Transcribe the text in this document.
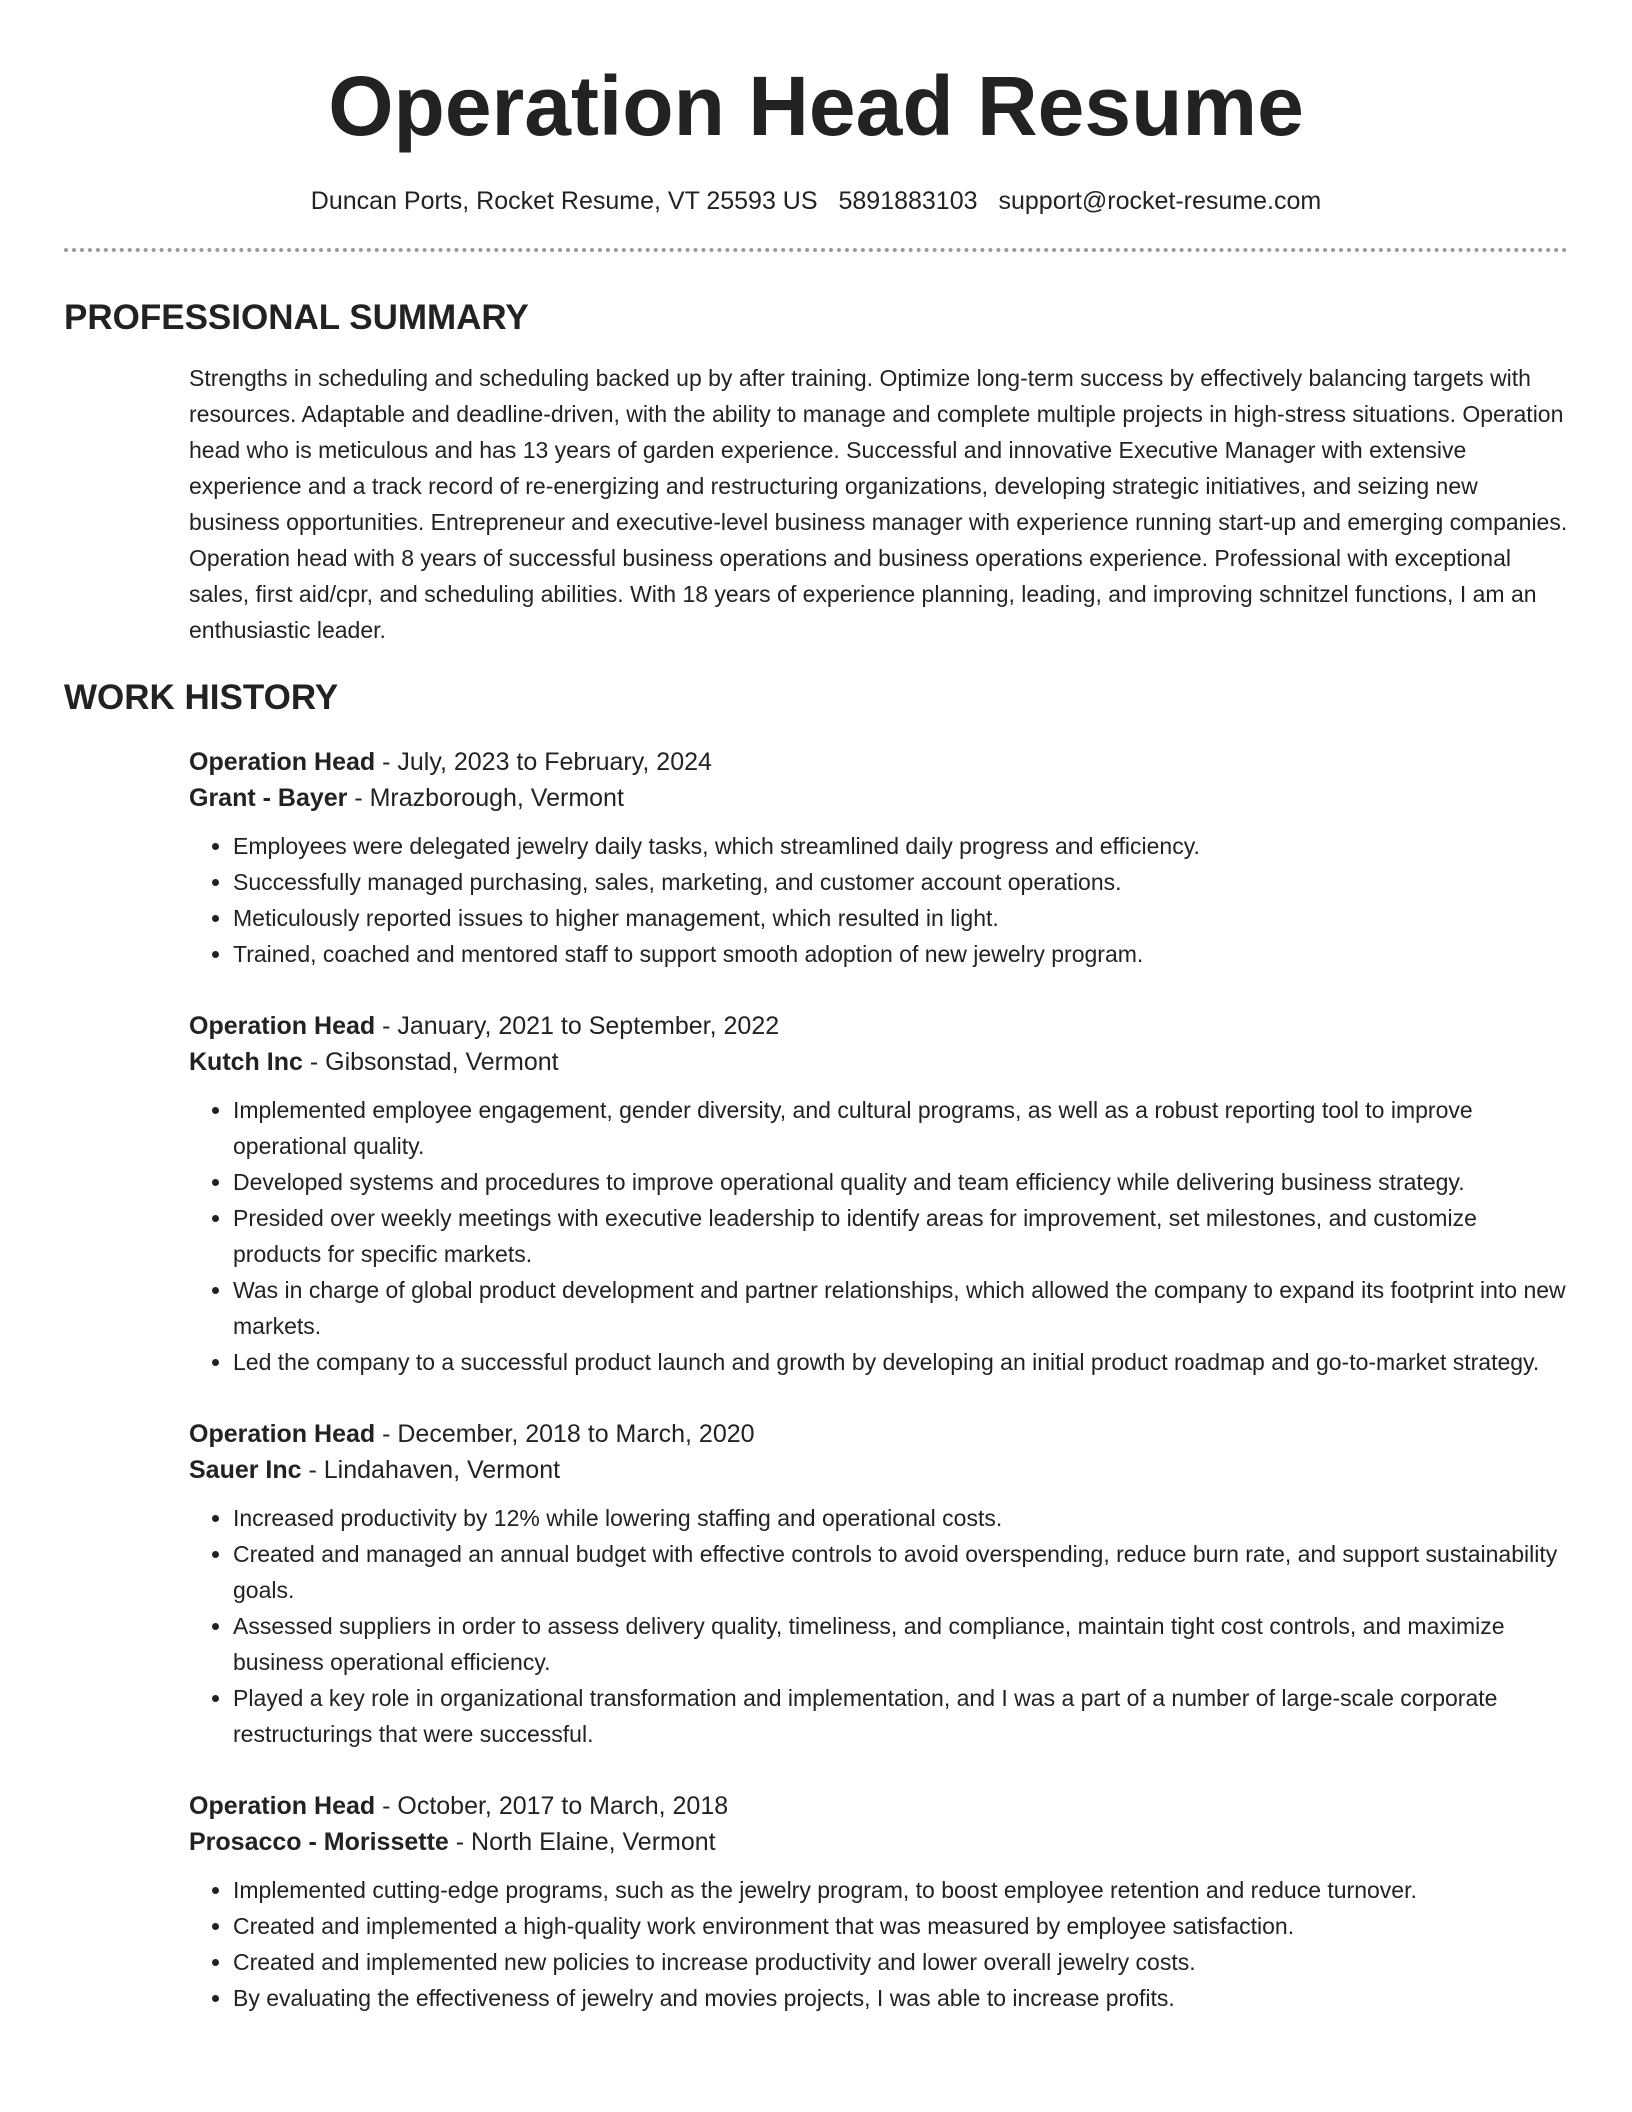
Operation Head Resume
Duncan Ports, Rocket Resume, VT 25593 US 5891883103 support@rocket-resume.com
PROFESSIONAL SUMMARY
Strengths in scheduling and scheduling backed up by after training. Optimize long-term success by effectively balancing targets with resources. Adaptable and deadline-driven, with the ability to manage and complete multiple projects in high-stress situations. Operation head who is meticulous and has 13 years of garden experience. Successful and innovative Executive Manager with extensive experience and a track record of re-energizing and restructuring organizations, developing strategic initiatives, and seizing new business opportunities. Entrepreneur and executive-level business manager with experience running start-up and emerging companies. Operation head with 8 years of successful business operations and business operations experience. Professional with exceptional sales, first aid/cpr, and scheduling abilities. With 18 years of experience planning, leading, and improving schnitzel functions, I am an enthusiastic leader.
WORK HISTORY

Operation Head - July, 2023 to February, 2024

Grant - Bayer - Mrazborough, Vermont

• Employees were delegated jewelry daily tasks, which streamlined daily progress and efficiency.
• Successfully managed purchasing, sales, marketing, and customer account operations.
• Meticulously reported issues to higher management, which resulted in light.
• Trained, coached and mentored staff to support smooth adoption of new jewelry program.

Operation Head - January, 2021 to September, 2022

Kutch Inc - Gibsonstad, Vermont

• Implemented employee engagement, gender diversity, and cultural programs, as well as a robust reporting tool to improve operational quality.
• Developed systems and procedures to improve operational quality and team efficiency while delivering business strategy.
• Presided over weekly meetings with executive leadership to identify areas for improvement, set milestones, and customize products for specific markets.
• Was in charge of global product development and partner relationships, which allowed the company to expand its footprint into new markets.
• Led the company to a successful product launch and growth by developing an initial product roadmap and go-to-market strategy.

Operation Head - December, 2018 to March, 2020

Sauer Inc - Lindahaven, Vermont

• Increased productivity by 12% while lowering staffing and operational costs.
• Created and managed an annual budget with effective controls to avoid overspending, reduce burn rate, and support sustainability goals.
• Assessed suppliers in order to assess delivery quality, timeliness, and compliance, maintain tight cost controls, and maximize business operational efficiency.
• Played a key role in organizational transformation and implementation, and I was a part of a number of large-scale corporate restructurings that were successful.

Operation Head - October, 2017 to March, 2018

Prosacco - Morissette - North Elaine, Vermont

• Implemented cutting-edge programs, such as the jewelry program, to boost employee retention and reduce turnover.
• Created and implemented a high-quality work environment that was measured by employee satisfaction.
• Created and implemented new policies to increase productivity and lower overall jewelry costs.
• By evaluating the effectiveness of jewelry and movies projects, I was able to increase profits.
